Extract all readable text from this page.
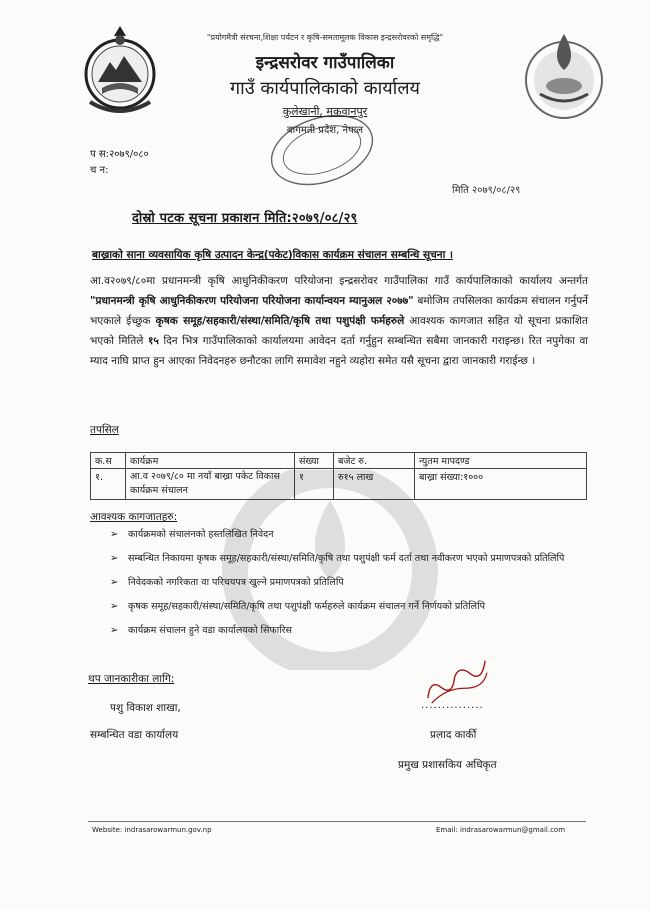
"प्रयोगमैत्री संरचना,शिक्षा पर्यटन र कृषि-समतामूलक विकास इन्द्रसरोवरको समृद्धि"
इन्द्रसरोवर गाउँपालिका
गाउँ कार्यपालिकाको कार्यालय
कुलेखानी, मकवानपुर
बागमती प्रदेश, नेपाल
प स:२०७९/०८०
च न:
मिति २०७९/०८/२९
दोस्रो पटक सूचना प्रकाशन मिति:२०७९/०८/२९
बाख्राको साना व्यवसायिक कृषि उत्पादन केन्द्र(पकेट)विकास कार्यक्रम संचालन सम्बन्धि सूचना ।
आ.व२०७९/८०मा प्रधानमन्त्री कृषि आधुनिकीकरण परियोजना इन्द्रसरोवर गाउँपालिका गाउँ कार्यपालिकाको कार्यालय अन्तर्गत "प्रधानमन्त्री कृषि आधुनिकीकरण परियोजना परियोजना कार्यान्वयन म्यानुअल २०७७" बमोजिम तपसिलका कार्यक्रम संचालन गर्नुपर्ने भएकाले ईच्छुक कृषक समूह/सहकारी/संस्था/समिति/कृषि तथा पशुपंक्षी फर्महरुले आवश्यक कागजात सहित यो सूचना प्रकाशित भएको मितिले १५ दिन भित्र गाउँपालिकाको कार्यालयमा आवेदन दर्ता गर्नुहुन सम्बन्धित सबैमा जानकारी गराइन्छ। रित नपुगेका वा म्याद नाघि प्राप्त हुन आएका निवेदनहरु छनौटका लागि समावेश नहुने व्यहोरा समेत यसै सूचना द्वारा जानकारी गराईन्छ ।
तपसिल
क.स	कार्यक्रम	संख्या	बजेट रु.	न्युतम मापदण्ड
१.	आ.व २०७९/८० मा नयाँ बाख्रा पकेट विकास कार्यक्रम संचालन	१	रु१५ लाख	बाख्रा संख्या:१०००
आवश्यक कागजातहरु:
➢ कार्यक्रमको संचालनको हस्तलिखित निवेदन
➢ सम्बन्धित निकायमा कृषक समूह/सहकारी/संस्था/समिति/कृषि तथा पशुपंक्षी फर्म दर्ता तथा नवीकरण भएको प्रमाणपत्रको प्रतिलिपि
➢ निवेदकको नगरिकता वा परिचयपत्र खुल्ने प्रमाणपत्रको प्रतिलिपि
➢ कृषक समूह/सहकारी/संस्था/समिति/कृषि तथा पशुपंक्षी फर्महरुले कार्यक्रम संचालन गर्ने निर्णयको प्रतिलिपि
➢ कार्यक्रम संचालन हुने वडा कार्यालयको सिफारिस
थप जानकारीका लागि:
पशु विकाश शाखा,
सम्बन्धित वडा कार्यालय
...............
प्रलाद कार्की
प्रमुख प्रशासकिय अधिकृत
Website: indrasarowarmun.gov.np	Email: indrasarowarmun@gmail.com
